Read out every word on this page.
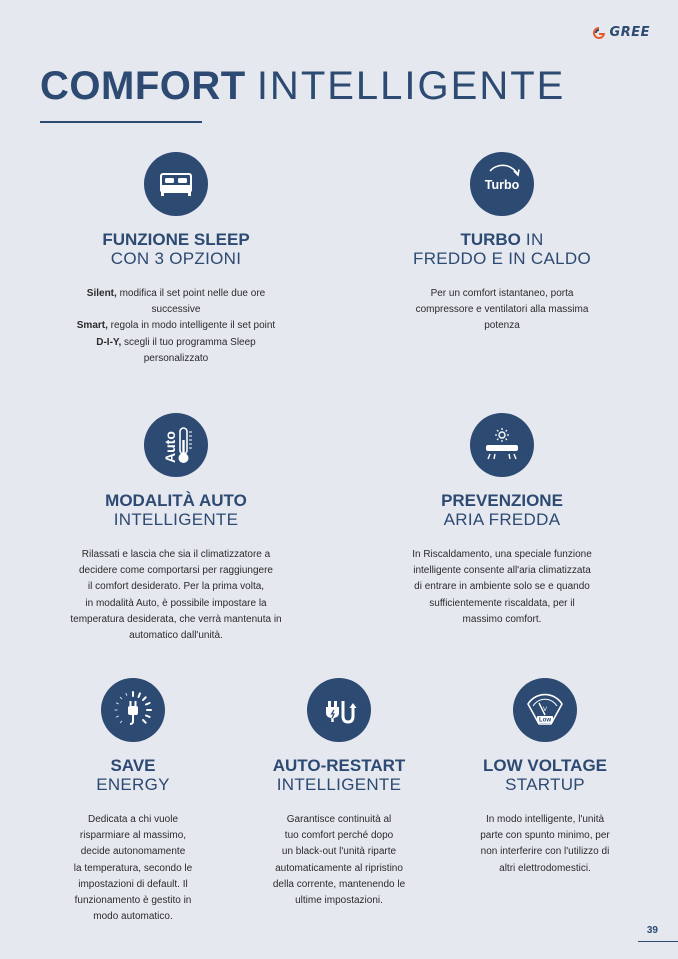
GREE
COMFORT INTELLIGENTE
FUNZIONE SLEEP
CON 3 OPZIONI
Silent, modifica il set point nelle due ore
successive
Smart, regola in modo intelligente il set point
D-I-Y, scegli il tuo programma Sleep
personalizzato
Turbo
TURBO IN
FREDDO E IN CALDO
Per un comfort istantaneo, porta
compressore e ventilatori alla massima
potenza
Auto
MODALITÀ AUTO
INTELLIGENTE
Rilassati e lascia che sia il climatizzatore a
decidere come comportarsi per raggiungere
il comfort desiderato. Per la prima volta,
in modalità Auto, è possibile impostare la
temperatura desiderata, che verrà mantenuta in
automatico dall'unità.
PREVENZIONE
ARIA FREDDA
In Riscaldamento, una speciale funzione
intelligente consente all'aria climatizzata
di entrare in ambiente solo se e quando
sufficientemente riscaldata, per il
massimo comfort.
SAVE
ENERGY
Dedicata a chi vuole
risparmiare al massimo,
decide autonomamente
la temperatura, secondo le
impostazioni di default. Il
funzionamento è gestito in
modo automatico.
AUTO-RESTART
INTELLIGENTE
Garantisce continuità al
tuo comfort perché dopo
un black-out l'unità riparte
automaticamente al ripristino
della corrente, mantenendo le
ultime impostazioni.
V
Low
LOW VOLTAGE
STARTUP
In modo intelligente, l'unità
parte con spunto minimo, per
non interferire con l'utilizzo di
altri elettrodomestici.
39
